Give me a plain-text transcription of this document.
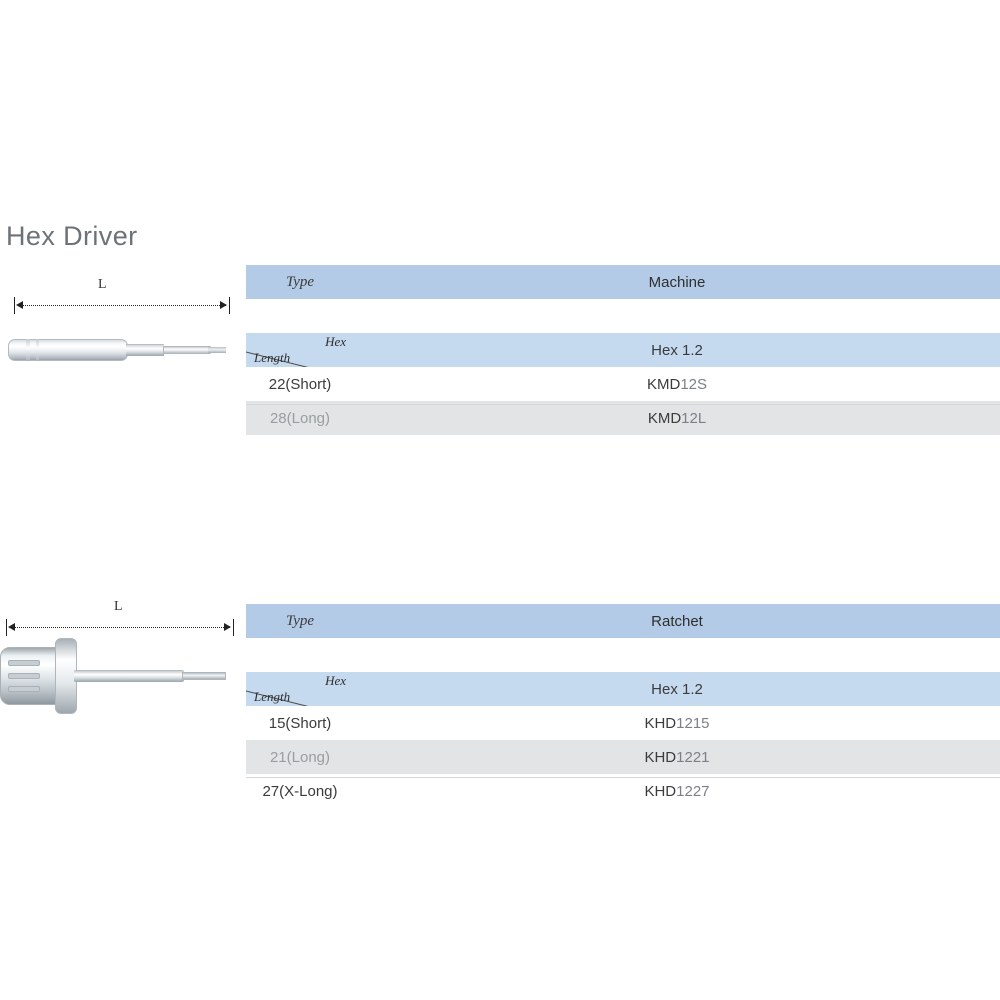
Hex Driver
L	Type	Machine

Hex
Length	Hex 1.2
22(Short)	KMD12S
28(Long)	KMD12L
L
Type	Ratchet

Hex
Length	Hex 1.2
15(Short)	KHD1215
21(Long)	KHD1221
27(X-Long)	KHD1227
